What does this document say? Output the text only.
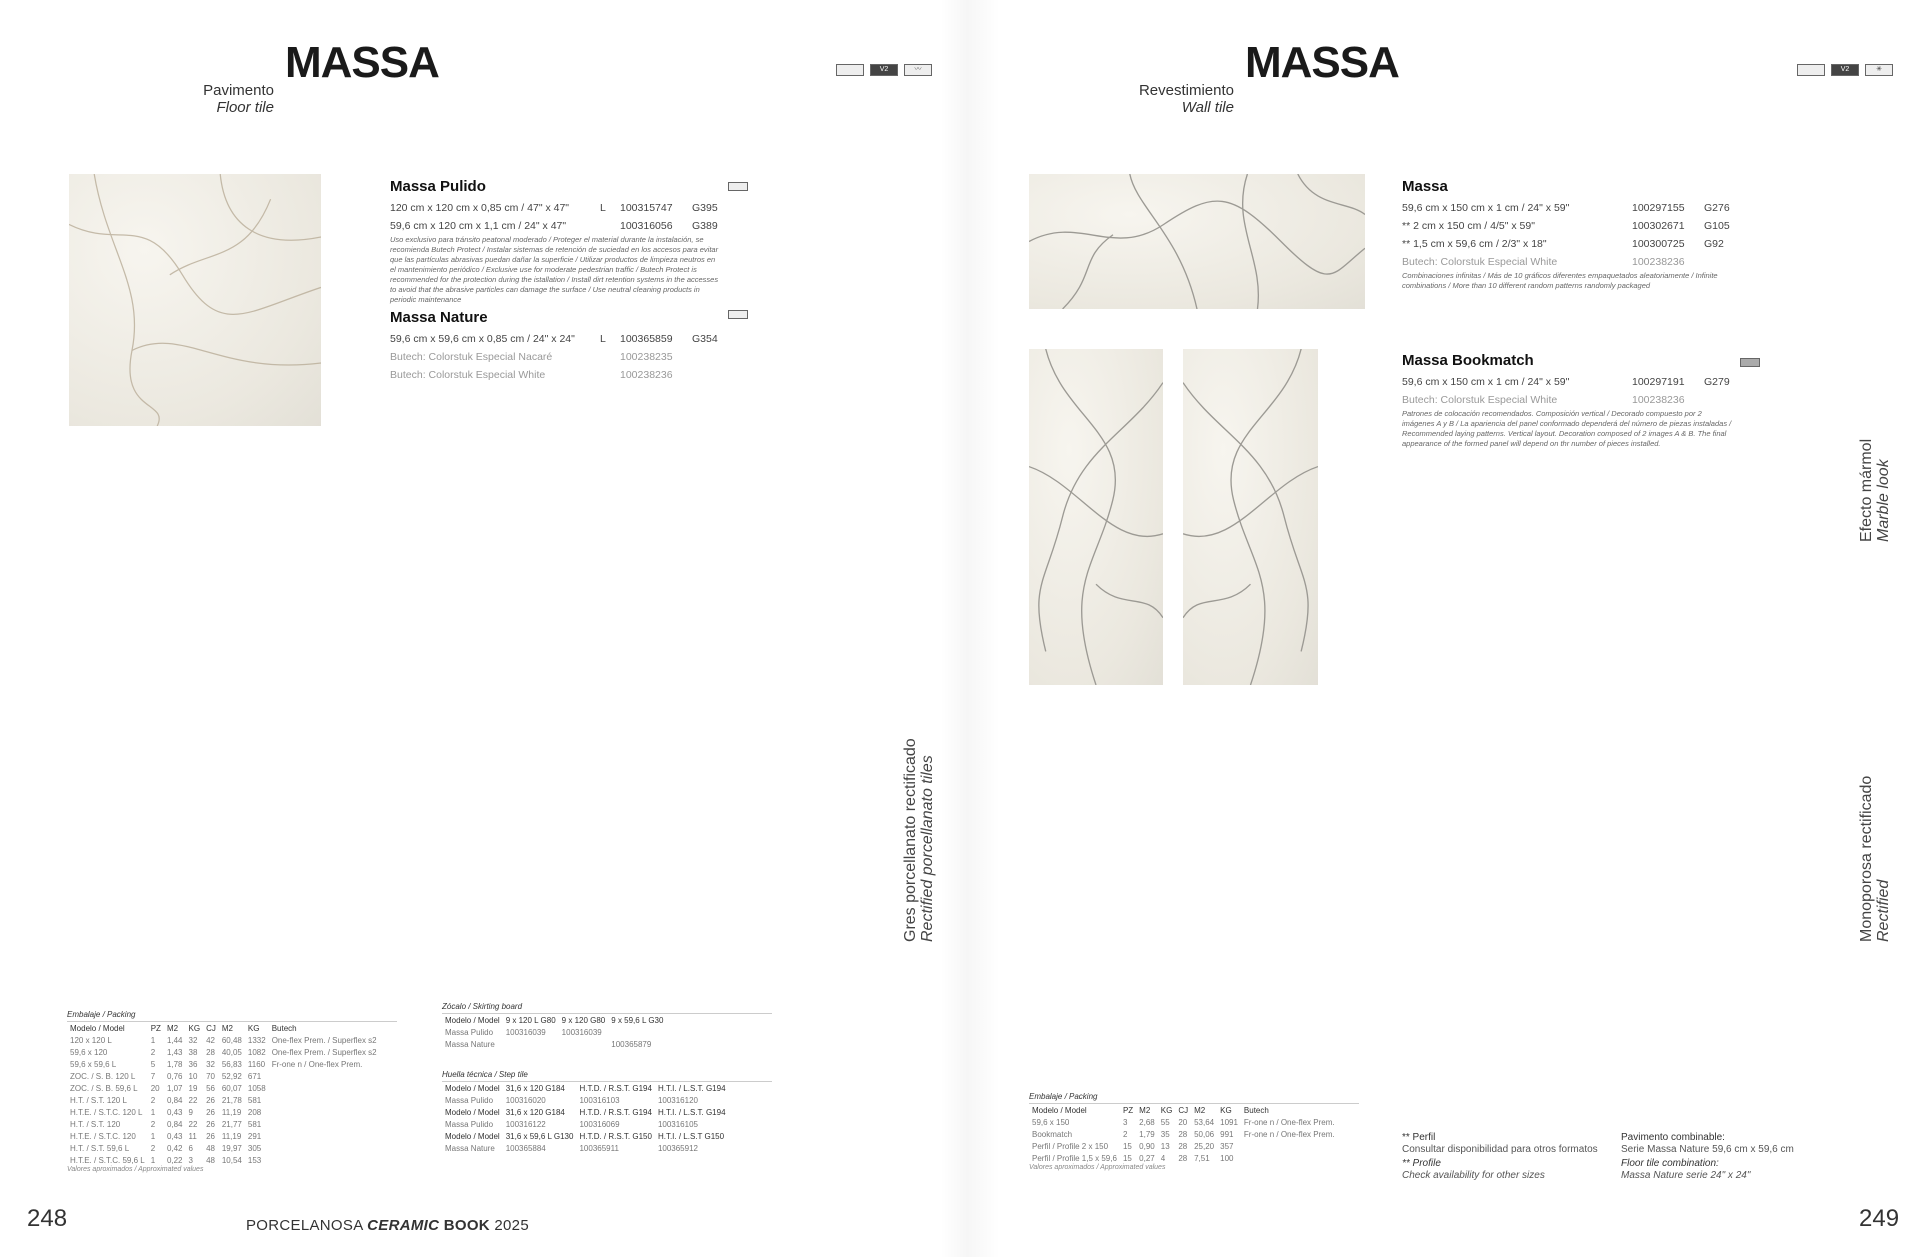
MASSA
Pavimento
Floor tile
V2	〰
Massa Pulido
120 cm x 120 cm x 0,85 cm / 47" x 47"	L	100315747	G395
59,6 cm x 120 cm x 1,1 cm / 24" x 47"	100316056	G389
Uso exclusivo para tránsito peatonal moderado / Proteger el material durante la instalación, se recomienda Butech Protect / Instalar sistemas de retención de suciedad en los accesos para evitar que las partículas abrasivas puedan dañar la superficie / Utilizar productos de limpieza neutros en el mantenimiento periódico / Exclusive use for moderate pedestrian traffic / Butech Protect is recommended for the protection during the istallation / Install dirt retention systems in the accesses to avoid that the abrasive particles can damage the surface / Use neutral cleaning products in periodic maintenance
Massa Nature
59,6 cm x 59,6 cm x 0,85 cm / 24" x 24"	L	100365859	G354
Butech: Colorstuk Especial Nacaré	100238235
Butech: Colorstuk Especial White	100238236
Gres porcellanato rectificado Rectified porcellanato tiles
Embalaje / Packing
Modelo / Model	PZ	M2	KG	CJ	M2	KG	Butech
120 x 120 L	1	1,44	32	42	60,48	1332	One-flex Prem. / Superflex s2
59,6 x 120	2	1,43	38	28	40,05	1082	One-flex Prem. / Superflex s2
59,6 x 59,6 L	5	1,78	36	32	56,83	1160	Fr-one n / One-flex Prem.
ZOC. / S. B. 120 L	7	0,76	10	70	52,92	671	
ZOC. / S. B. 59,6 L	20	1,07	19	56	60,07	1058	
H.T. / S.T. 120 L	2	0,84	22	26	21,78	581	
H.T.E. / S.T.C. 120 L	1	0,43	9	26	11,19	208	
H.T. / S.T. 120	2	0,84	22	26	21,77	581	
H.T.E. / S.T.C. 120	1	0,43	11	26	11,19	291	
H.T. / S.T. 59,6 L	2	0,42	6	48	19,97	305	
H.T.E. / S.T.C. 59,6 L	1	0,22	3	48	10,54	153	
Valores aproximados / Approximated values
Zócalo / Skirting board
Modelo / Model	9 x 120 L G80	9 x 120 G80	9 x 59,6 L G30
Massa Pulido	100316039	100316039	
Massa Nature			100365879
Huella técnica / Step tile
Modelo / Model	31,6 x 120 G184	H.T.D. / R.S.T. G194	H.T.I. / L.S.T. G194
Massa Pulido	100316020	100316103	100316120
Modelo / Model	31,6 x 120 G184	H.T.D. / R.S.T. G194	H.T.I. / L.S.T. G194
Massa Pulido	100316122	100316069	100316105
Modelo / Model	31,6 x 59,6 L G130	H.T.D. / R.S.T. G150	H.T.I. / L.S.T G150
Massa Nature	100365884	100365911	100365912
248	PORCELANOSA CERAMIC BOOK 2025
MASSA
Revestimiento
Wall tile
V2	✳
Massa
59,6 cm x 150 cm x 1 cm / 24" x 59"	100297155	G276
** 2 cm x 150 cm / 4/5" x 59"	100302671	G105
** 1,5 cm x 59,6 cm / 2/3" x 18"	100300725	G92
Butech: Colorstuk Especial White	100238236
Combinaciones infinitas / Más de 10 gráficos diferentes empaquetados aleatoriamente / Infinite combinations / More than 10 different random patterns randomly packaged
Massa Bookmatch
59,6 cm x 150 cm x 1 cm / 24" x 59"	100297191	G279
Butech: Colorstuk Especial White	100238236
Patrones de colocación recomendados. Composición vertical / Decorado compuesto por 2 imágenes A y B / La apariencia del panel conformado dependerá del número de piezas instaladas / Recommended laying patterns. Vertical layout. Decoration composed of 2 images A & B. The final appearance of the formed panel will depend on thr number of pieces installed.	Efecto mármol Marble look
Monoporosa rectificado Rectified
Embalaje / Packing
Modelo / Model	PZ	M2	KG	CJ	M2	KG	Butech
59,6 x 150	3	2,68	55	20	53,64	1091	Fr-one n / One-flex Prem.
Bookmatch	2	1,79	35	28	50,06	991	Fr-one n / One-flex Prem.
Perfil / Profile 2 x 150	15	0,90	13	28	25,20	357	
Perfil / Profile 1,5 x 59,6	15	0,27	4	28	7,51	100	
Valores aproximados / Approximated values
** Perfil
Consultar disponibilidad para otros formatos
** Profile
Check availability for other sizes
Pavimento combinable:
Serie Massa Nature 59,6 cm x 59,6 cm
Floor tile combination:
Massa Nature serie 24" x 24"
249
